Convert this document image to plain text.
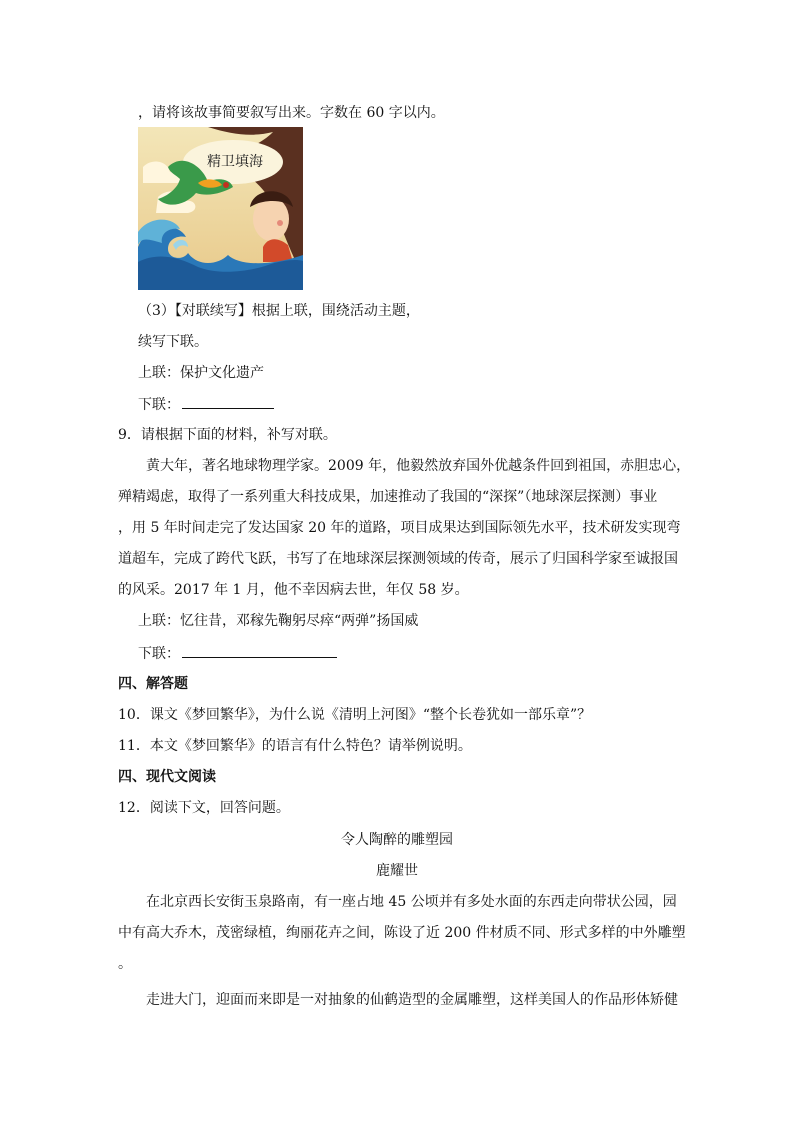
，请将该故事简要叙写出来。字数在 60 字以内。
精卫填海
（3）【对联续写】根据上联，围绕活动主题，
续写下联。
上联：保护文化遗产
下联：
9．请根据下面的材料，补写对联。
黄大年，著名地球物理学家。2009 年，他毅然放弃国外优越条件回到祖国，赤胆忠心，
殚精竭虑，取得了一系列重大科技成果，加速推动了我国的“深探”（地球深层探测）事业
，用 5 年时间走完了发达国家 20 年的道路，项目成果达到国际领先水平，技术研发实现弯
道超车，完成了跨代飞跃，书写了在地球深层探测领域的传奇，展示了归国科学家至诚报国
的风采。2017 年 1 月，他不幸因病去世，年仅 58 岁。
上联：忆往昔，邓稼先鞠躬尽瘁“两弹”扬国威
下联：
四、解答题
10．课文《梦回繁华》，为什么说《清明上河图》“整个长卷犹如一部乐章”？
11．本文《梦回繁华》的语言有什么特色？请举例说明。
四、现代文阅读
12．阅读下文，回答问题。
令人陶醉的雕塑园
鹿耀世
在北京西长安街玉泉路南，有一座占地 45 公顷并有多处水面的东西走向带状公园，园
中有高大乔木，茂密绿植，绚丽花卉之间，陈设了近 200 件材质不同、形式多样的中外雕塑
。
走进大门，迎面而来即是一对抽象的仙鹤造型的金属雕塑，这样美国人的作品形体矫健
